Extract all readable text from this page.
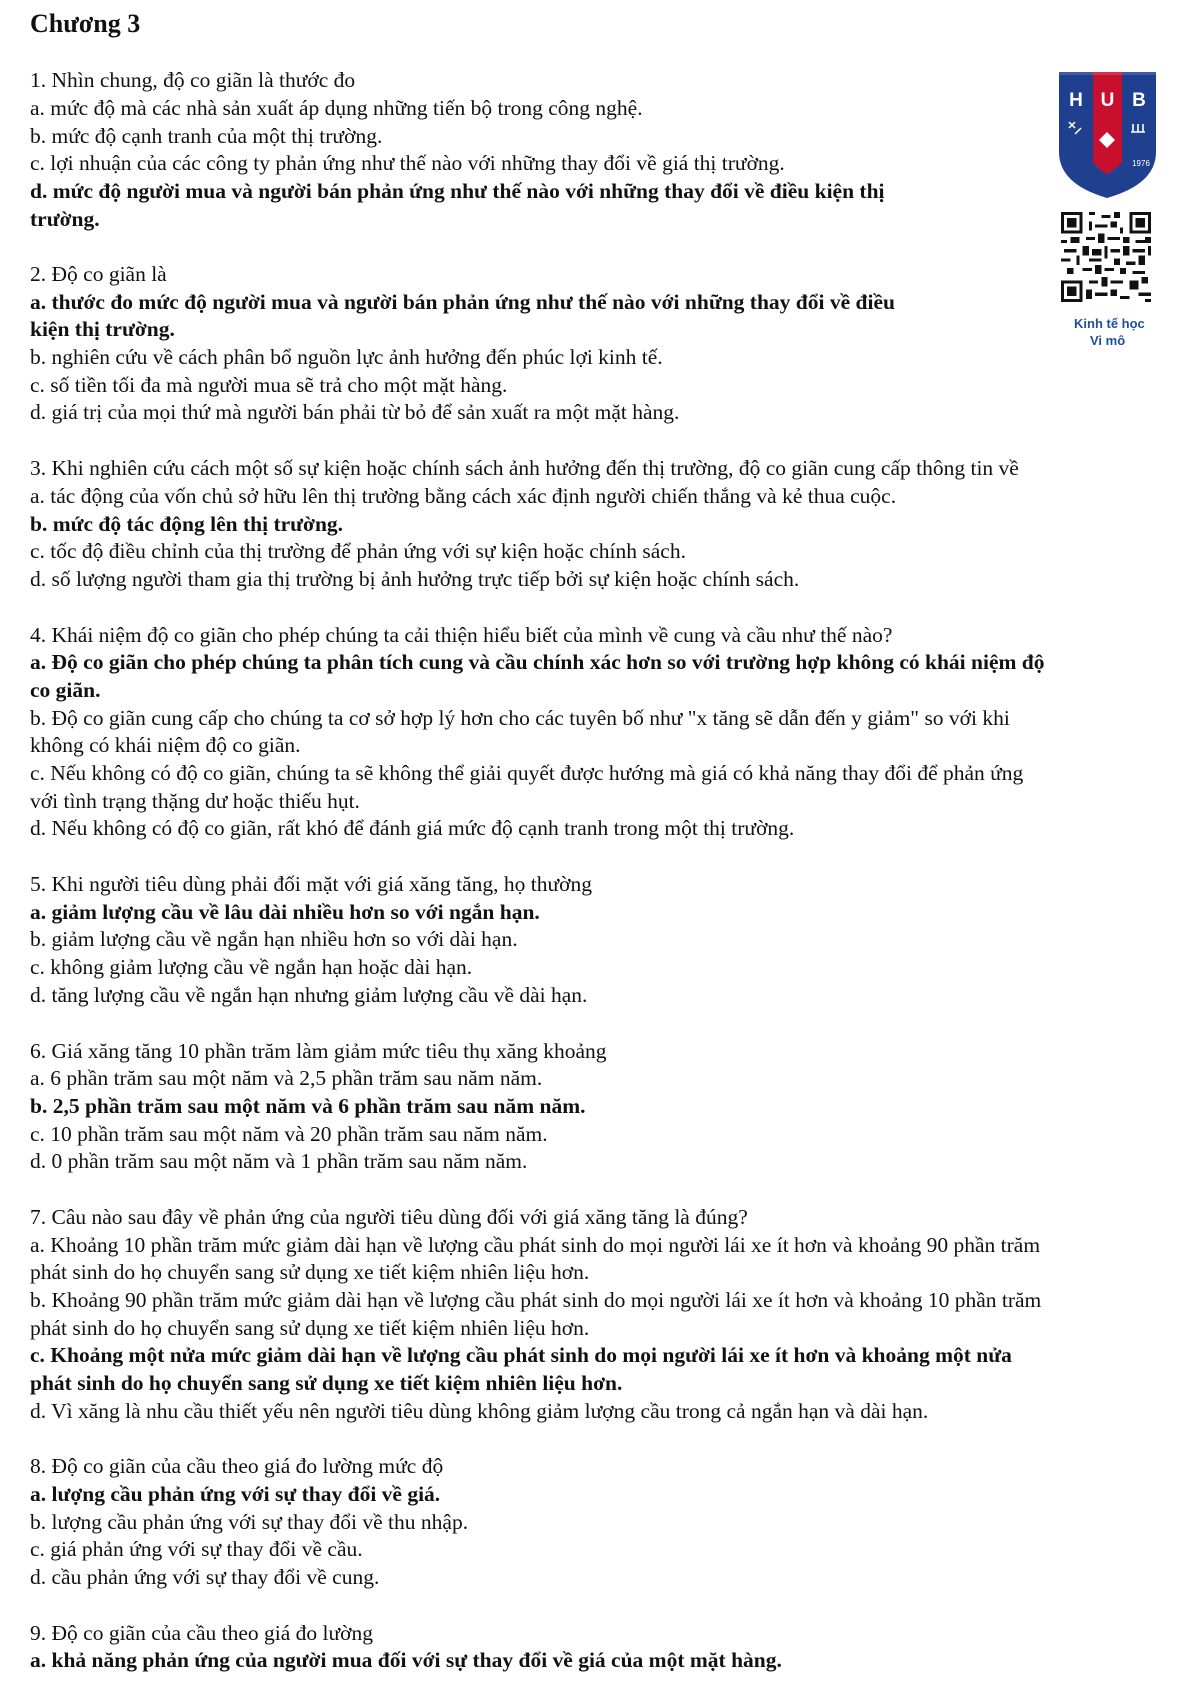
Chương 3
1. Nhìn chung, độ co giãn là thước đo
a. mức độ mà các nhà sản xuất áp dụng những tiến bộ trong công nghệ.
b. mức độ cạnh tranh của một thị trường.
c. lợi nhuận của các công ty phản ứng như thế nào với những thay đổi về giá thị trường.
d. mức độ người mua và người bán phản ứng như thế nào với những thay đổi về điều kiện thị
trường.
2. Độ co giãn là
a. thước đo mức độ người mua và người bán phản ứng như thế nào với những thay đổi về điều
kiện thị trường.
b. nghiên cứu về cách phân bổ nguồn lực ảnh hưởng đến phúc lợi kinh tế.
c. số tiền tối đa mà người mua sẽ trả cho một mặt hàng.
d. giá trị của mọi thứ mà người bán phải từ bỏ để sản xuất ra một mặt hàng.
3. Khi nghiên cứu cách một số sự kiện hoặc chính sách ảnh hưởng đến thị trường, độ co giãn cung cấp thông tin về
a. tác động của vốn chủ sở hữu lên thị trường bằng cách xác định người chiến thắng và kẻ thua cuộc.
b. mức độ tác động lên thị trường.
c. tốc độ điều chỉnh của thị trường để phản ứng với sự kiện hoặc chính sách.
d. số lượng người tham gia thị trường bị ảnh hưởng trực tiếp bởi sự kiện hoặc chính sách.
4. Khái niệm độ co giãn cho phép chúng ta cải thiện hiểu biết của mình về cung và cầu như thế nào?
a. Độ co giãn cho phép chúng ta phân tích cung và cầu chính xác hơn so với trường hợp không có khái niệm độ
co giãn.
b. Độ co giãn cung cấp cho chúng ta cơ sở hợp lý hơn cho các tuyên bố như "x tăng sẽ dẫn đến y giảm" so với khi
không có khái niệm độ co giãn.
c. Nếu không có độ co giãn, chúng ta sẽ không thể giải quyết được hướng mà giá có khả năng thay đổi để phản ứng
với tình trạng thặng dư hoặc thiếu hụt.
d. Nếu không có độ co giãn, rất khó để đánh giá mức độ cạnh tranh trong một thị trường.
5. Khi người tiêu dùng phải đối mặt với giá xăng tăng, họ thường
a. giảm lượng cầu về lâu dài nhiều hơn so với ngắn hạn.
b. giảm lượng cầu về ngắn hạn nhiều hơn so với dài hạn.
c. không giảm lượng cầu về ngắn hạn hoặc dài hạn.
d. tăng lượng cầu về ngắn hạn nhưng giảm lượng cầu về dài hạn.
6. Giá xăng tăng 10 phần trăm làm giảm mức tiêu thụ xăng khoảng
a. 6 phần trăm sau một năm và 2,5 phần trăm sau năm năm.
b. 2,5 phần trăm sau một năm và 6 phần trăm sau năm năm.
c. 10 phần trăm sau một năm và 20 phần trăm sau năm năm.
d. 0 phần trăm sau một năm và 1 phần trăm sau năm năm.
7. Câu nào sau đây về phản ứng của người tiêu dùng đối với giá xăng tăng là đúng?
a. Khoảng 10 phần trăm mức giảm dài hạn về lượng cầu phát sinh do mọi người lái xe ít hơn và khoảng 90 phần trăm
phát sinh do họ chuyển sang sử dụng xe tiết kiệm nhiên liệu hơn.
b. Khoảng 90 phần trăm mức giảm dài hạn về lượng cầu phát sinh do mọi người lái xe ít hơn và khoảng 10 phần trăm
phát sinh do họ chuyển sang sử dụng xe tiết kiệm nhiên liệu hơn.
c. Khoảng một nửa mức giảm dài hạn về lượng cầu phát sinh do mọi người lái xe ít hơn và khoảng một nửa
phát sinh do họ chuyển sang sử dụng xe tiết kiệm nhiên liệu hơn.
d. Vì xăng là nhu cầu thiết yếu nên người tiêu dùng không giảm lượng cầu trong cả ngắn hạn và dài hạn.
8. Độ co giãn của cầu theo giá đo lường mức độ
a. lượng cầu phản ứng với sự thay đổi về giá.
b. lượng cầu phản ứng với sự thay đổi về thu nhập.
c. giá phản ứng với sự thay đổi về cầu.
d. cầu phản ứng với sự thay đổi về cung.
9. Độ co giãn của cầu theo giá đo lường
a. khả năng phản ứng của người mua đối với sự thay đổi về giá của một mặt hàng.
H U B
1976
Kinh tế học
Vi mô
